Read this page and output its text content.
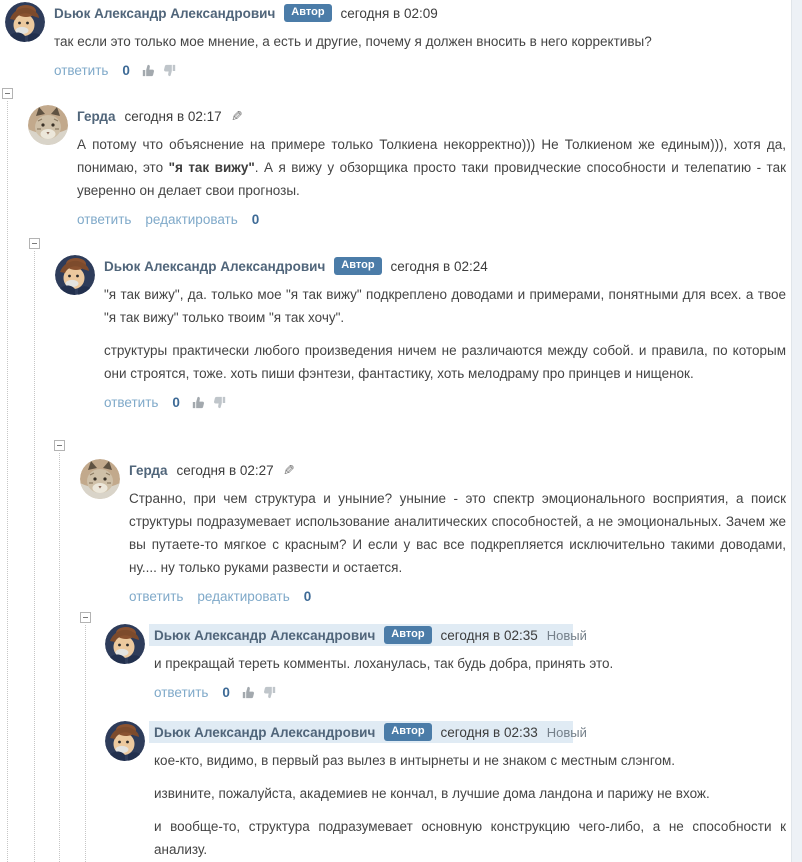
Dьюк Александр Александрович	Автор	сегодня в 02:09

так если это только мое мнение, а есть и другие, почему я должен вносить в него коррективы?

ответить 0
Герда сегодня в 02:17 ✎

А потому что объяснение на примере только Толкиена некорректно))) Не Толкиеном же единым))), хотя да, понимаю, это "я так вижу". А я вижу у обзорщика просто таки провидческие способности и телепатию - так уверенно он делает свои прогнозы.

ответить редактировать 0
Dьюк Александр Александрович	Автор	сегодня в 02:24

"я так вижу", да. только мое "я так вижу" подкреплено доводами и примерами, понятными для всех. а твое "я так вижу" только твоим "я так хочу".

структуры практически любого произведения ничем не различаются между собой. и правила, по которым они строятся, тоже. хоть пиши фэнтези, фантастику, хоть мелодраму про принцев и нищенок.

ответить 0
Герда сегодня в 02:27 ✎

Странно, при чем структура и уныние? уныние - это спектр эмоционального восприятия, а поиск структуры подразумевает использование аналитических способностей, а не эмоциональных. Зачем же вы путаете-то мягкое с красным? И если у вас все подкрепляется исключительно такими доводами, ну.... ну только руками развести и остается.

ответить редактировать 0
Dьюк Александр Александрович	Автор	сегодня в 02:35 Новый

и прекращай тереть комменты. лоханулась, так будь добра, принять это.

ответить 0
Dьюк Александр Александрович	Автор	сегодня в 02:33 Новый

кое-кто, видимо, в первый раз вылез в интырнеты и не знаком с местным слэнгом.

извините, пожалуйста, академиев не кончал, в лучшие дома ландона и парижу не вхож.

и вообще-то, структура подразумевает основную конструкцию чего-либо, а не способности к анализу.
